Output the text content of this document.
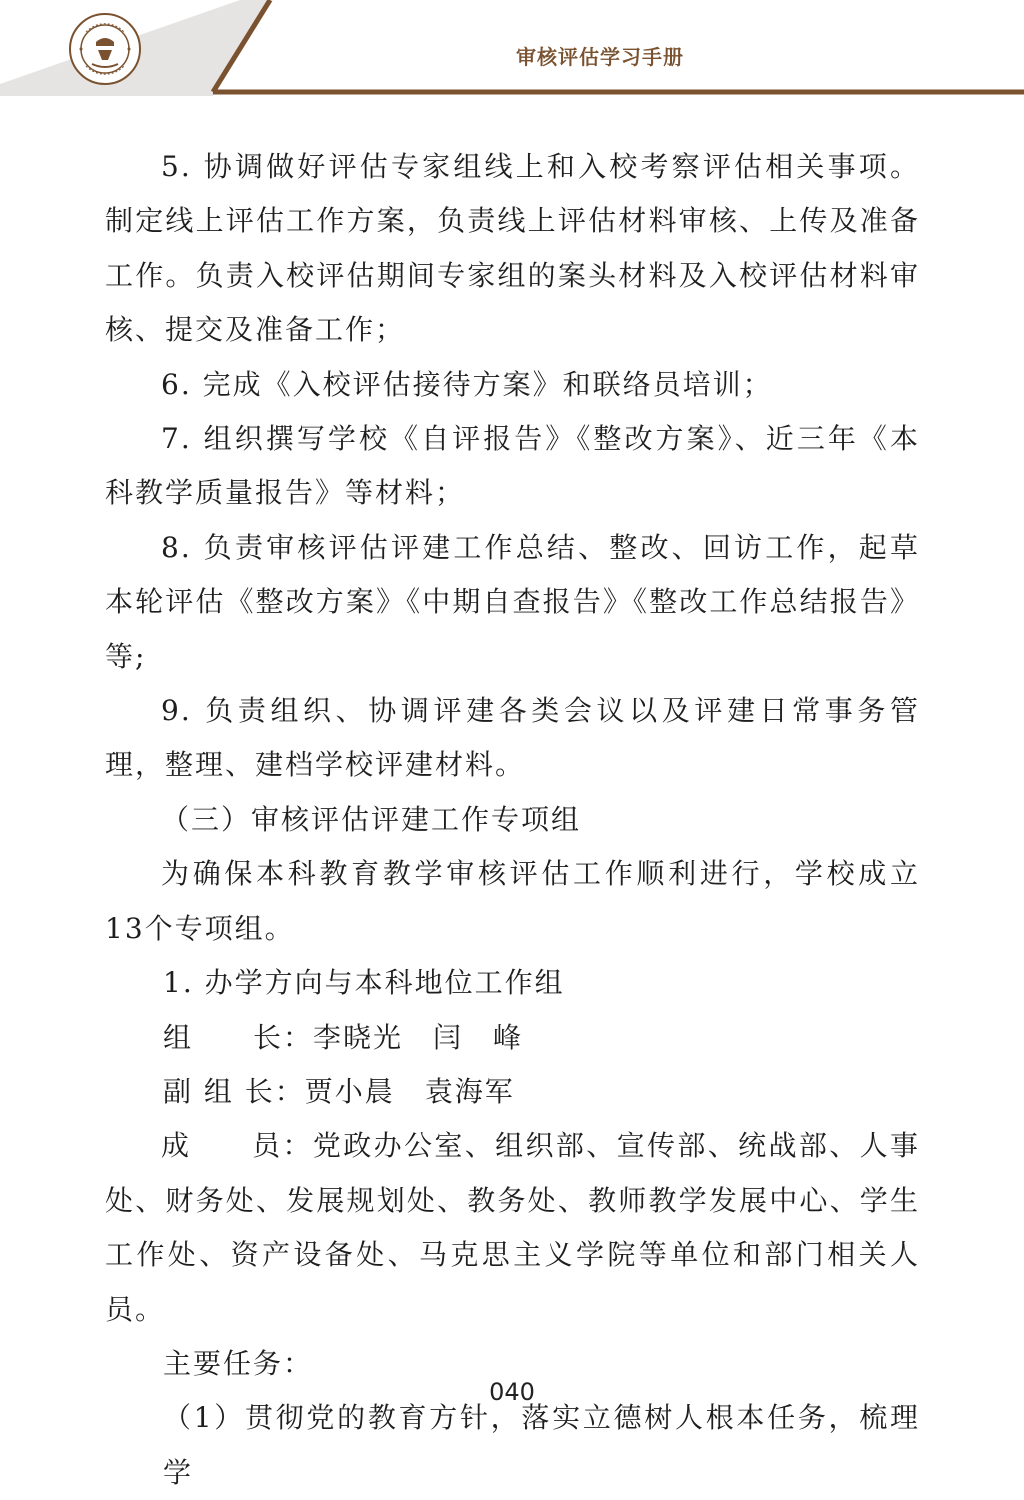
审核评估学习手册

5. 协调做好评估专家组线上和入校考察评估相关事项。制定线上评估工作方案，负责线上评估材料审核、上传及准备工作。负责入校评估期间专家组的案头材料及入校评估材料审核、提交及准备工作；

6. 完成《入校评估接待方案》和联络员培训；

7. 组织撰写学校《自评报告》《整改方案》、近三年《本科教学质量报告》等材料；

8. 负责审核评估评建工作总结、整改、回访工作，起草本轮评估《整改方案》《中期自查报告》《整改工作总结报告》等;

9. 负责组织、协调评建各类会议以及评建日常事务管理，整理、建档学校评建材料。

（三）审核评估评建工作专项组

为确保本科教育教学审核评估工作顺利进行，学校成立13个专项组。

1. 办学方向与本科地位工作组

组　　长：李晓光　闫　峰

副 组 长：贾小晨　袁海军

成　　员：党政办公室、组织部、宣传部、统战部、人事处、财务处、发展规划处、教务处、教师教学发展中心、学生工作处、资产设备处、马克思主义学院等单位和部门相关人员。

主要任务：

（1）贯彻党的教育方针，落实立德树人根本任务，梳理学

040
